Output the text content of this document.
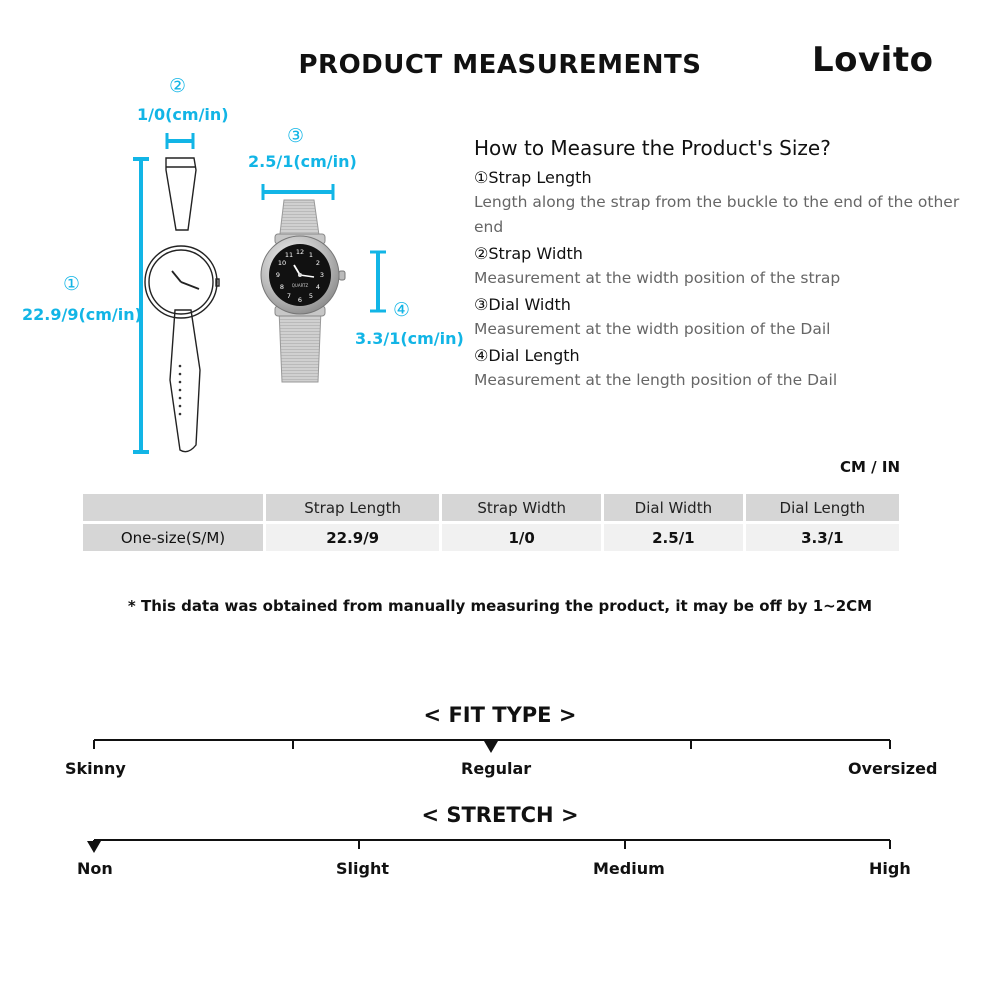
PRODUCT MEASUREMENTS	Lovito
12 1
2
3
4
5
6
7
8
9
10
11
QUARTZ
②
1/0(cm/in)
③
2.5/1(cm/in)
①
22.9/9(cm/in)	④
3.3/1(cm/in)
How to Measure the Product's Size?
①Strap Length
Length along the strap from the buckle to the end of the other end
②Strap Width
Measurement at the width position of the strap
③Dial Width
Measurement at the width position of the Dail
④Dial Length
Measurement at the length position of the Dail
CM / IN
	Strap Length	Strap Width	Dial Width	Dial Length
One-size(S/M)	22.9/9	1/0	2.5/1	3.3/1
* This data was obtained from manually measuring the product, it may be off by 1~2CM
< FIT TYPE >
Skinny	Regular	Oversized
< STRETCH >
Non	Slight	Medium	High
